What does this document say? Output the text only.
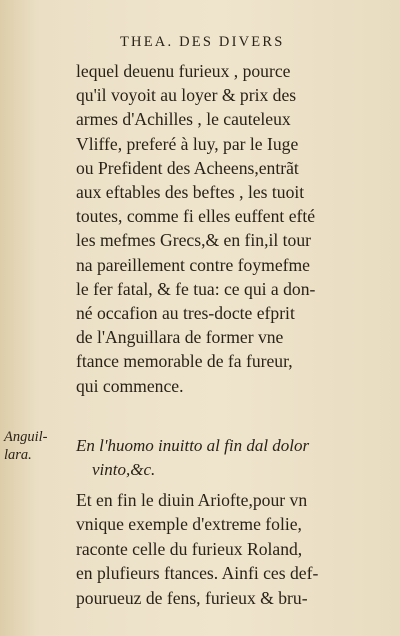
THEA. DES DIVERS
lequel deuenu furieux , pource
qu'il voyoit au loyer & prix des
armes d'Achilles , le cauteleux
Vliffe, preferé à luy, par le Iuge
ou Prefident des Acheens,entrãt
aux eftables des beftes , les tuoit
toutes, comme fi elles euffent efté
les mefmes Grecs,& en fin,il tour
na pareillement contre foymefme
le fer fatal, & fe tua: ce qui a don-
né occafion au tres-docte efprit
de l'Anguillara de former vne
ftance memorable de fa fureur,
qui commence.
Anguil-
lara.	En l'huomo inuitto al fin dal dolor
vinto,&c.
Et en fin le diuin Ariofte,pour vn
vnique exemple d'extreme folie,
raconte celle du furieux Roland,
en plufieurs ftances. Ainfi ces def-
pourueuz de fens, furieux & bru-
